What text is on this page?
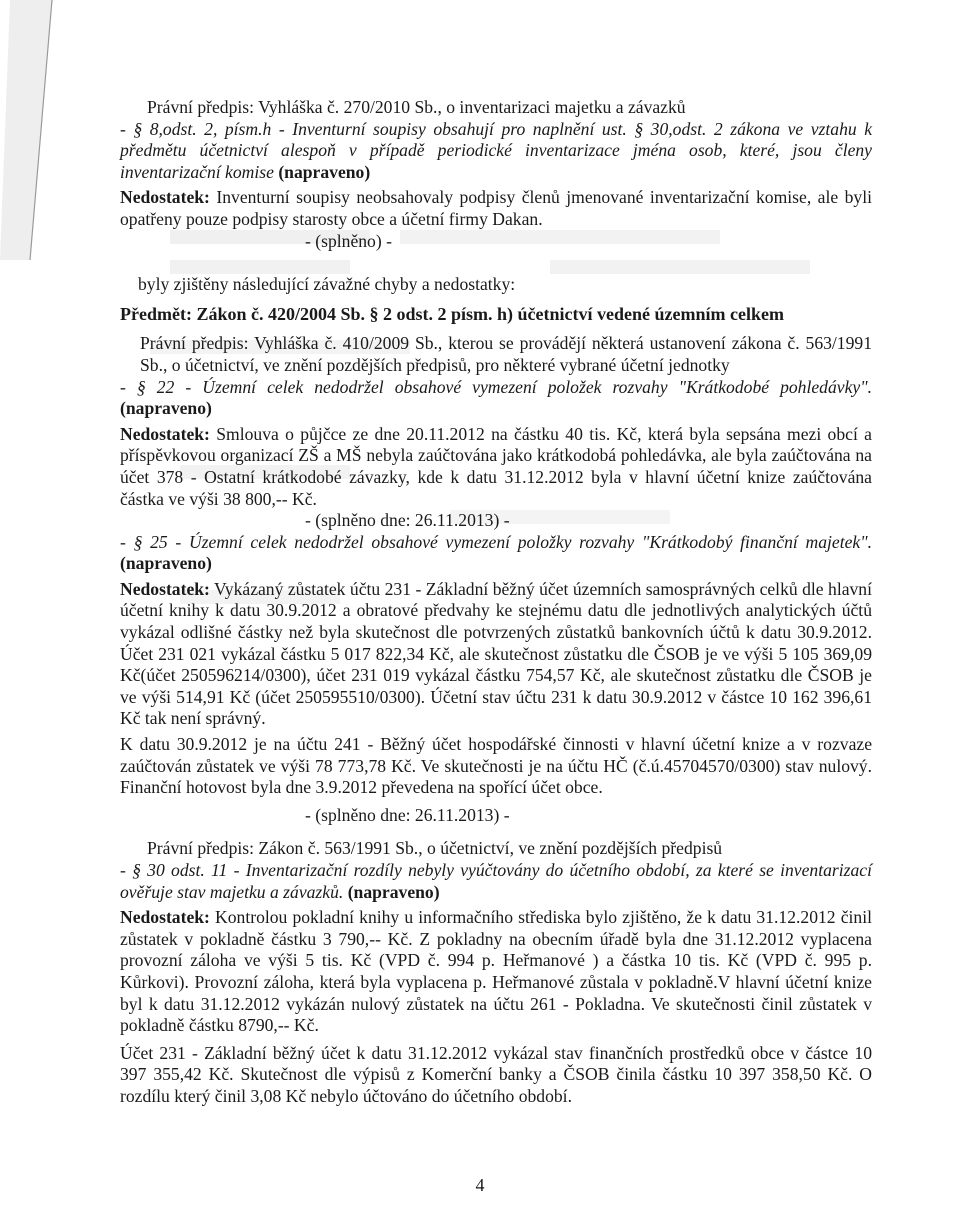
Právní předpis: Vyhláška č. 270/2010 Sb., o inventarizaci majetku a závazků

- § 8,odst. 2, písm.h - Inventurní soupisy obsahují pro naplnění ust. § 30,odst. 2 zákona ve vztahu k předmětu účetnictví alespoň v případě periodické inventarizace jména osob, které, jsou členy inventarizační komise (napraveno)

Nedostatek: Inventurní soupisy neobsahovaly podpisy členů jmenované inventarizační komise, ale byli opatřeny pouze podpisy starosty obce a účetní firmy Dakan.

- (splněno) -

byly zjištěny následující závažné chyby a nedostatky:

Předmět: Zákon č. 420/2004 Sb. § 2 odst. 2 písm. h) účetnictví vedené územním celkem

Právní předpis: Vyhláška č. 410/2009 Sb., kterou se provádějí některá ustanovení zákona č. 563/1991 Sb., o účetnictví, ve znění pozdějších předpisů, pro některé vybrané účetní jednotky

- § 22 - Územní celek nedodržel obsahové vymezení položek rozvahy "Krátkodobé pohledávky". (napraveno)

Nedostatek: Smlouva o půjčce ze dne 20.11.2012 na částku 40 tis. Kč, která byla sepsána mezi obcí a příspěvkovou organizací ZŠ a MŠ nebyla zaúčtována jako krátkodobá pohledávka, ale byla zaúčtována na účet 378 - Ostatní krátkodobé závazky, kde k datu 31.12.2012 byla v hlavní účetní knize zaúčtována částka ve výši 38 800,-- Kč.

- (splněno dne: 26.11.2013) -

- § 25 - Územní celek nedodržel obsahové vymezení položky rozvahy "Krátkodobý finanční majetek". (napraveno)

Nedostatek: Vykázaný zůstatek účtu 231 - Základní běžný účet územních samosprávných celků dle hlavní účetní knihy k datu 30.9.2012 a obratové předvahy ke stejnému datu dle jednotlivých analytických účtů vykázal odlišné částky než byla skutečnost dle potvrzených zůstatků bankovních účtů k datu 30.9.2012. Účet 231 021 vykázal částku 5 017 822,34 Kč, ale skutečnost zůstatku dle ČSOB je ve výši 5 105 369,09 Kč(účet 250596214/0300), účet 231 019 vykázal částku 754,57 Kč, ale skutečnost zůstatku dle ČSOB je ve výši 514,91 Kč (účet 250595510/0300). Účetní stav účtu 231 k datu 30.9.2012 v částce 10 162 396,61 Kč tak není správný.

K datu 30.9.2012 je na účtu 241 - Běžný účet hospodářské činnosti v hlavní účetní knize a v rozvaze zaúčtován zůstatek ve výši 78 773,78 Kč. Ve skutečnosti je na účtu HČ (č.ú.45704570/0300) stav nulový. Finanční hotovost byla dne 3.9.2012 převedena na spořící účet obce.

- (splněno dne: 26.11.2013) -

Právní předpis: Zákon č. 563/1991 Sb., o účetnictví, ve znění pozdějších předpisů

- § 30 odst. 11 - Inventarizační rozdíly nebyly vyúčtovány do účetního období, za které se inventarizací ověřuje stav majetku a závazků. (napraveno)

Nedostatek: Kontrolou pokladní knihy u informačního střediska bylo zjištěno, že k datu 31.12.2012 činil zůstatek v pokladně částku 3 790,-- Kč. Z pokladny na obecním úřadě byla dne 31.12.2012 vyplacena provozní záloha ve výši 5 tis. Kč (VPD č. 994 p. Heřmanové ) a částka 10 tis. Kč (VPD č. 995 p. Kůrkovi). Provozní záloha, která byla vyplacena p. Heřmanové zůstala v pokladně.V hlavní účetní knize byl k datu 31.12.2012 vykázán nulový zůstatek na účtu 261 - Pokladna. Ve skutečnosti činil zůstatek v pokladně částku 8790,-- Kč.

Účet 231 - Základní běžný účet k datu 31.12.2012 vykázal stav finančních prostředků obce v částce 10 397 355,42 Kč. Skutečnost dle výpisů z Komerční banky a ČSOB činila částku 10 397 358,50 Kč. O rozdílu který činil 3,08 Kč nebylo účtováno do účetního období.

4
